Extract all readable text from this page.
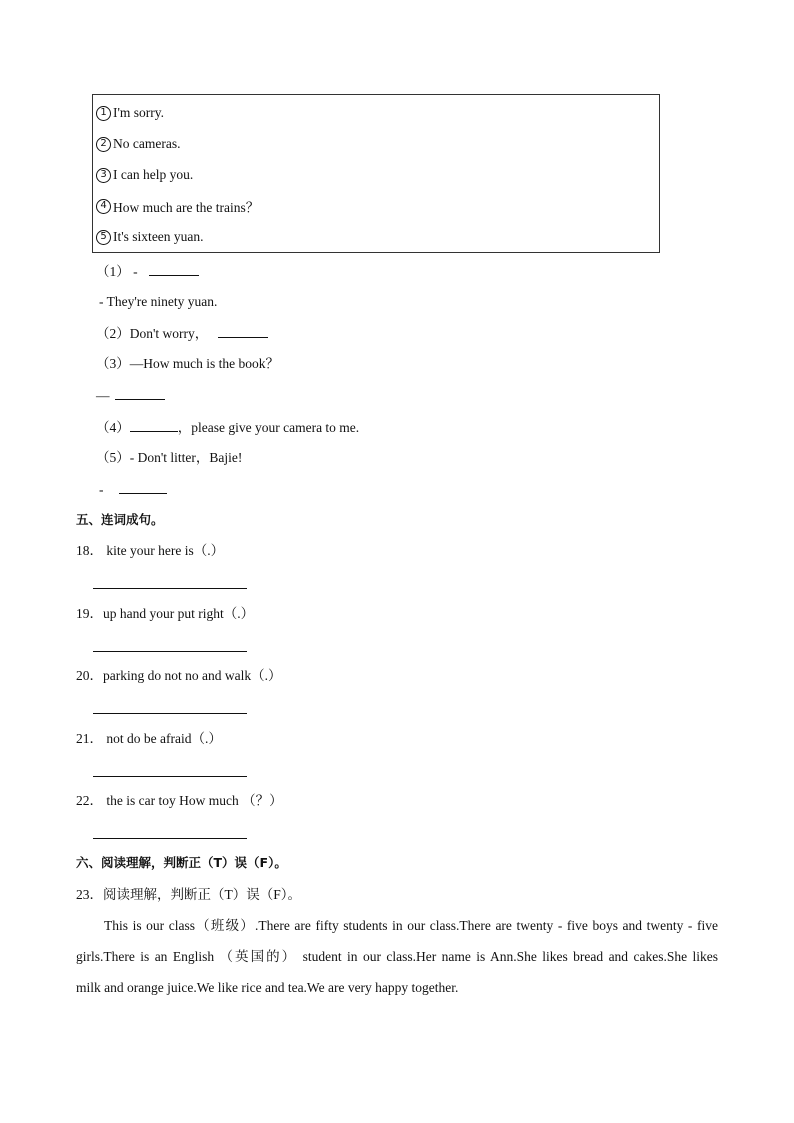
1 I'm sorry.
2 No cameras.
3 I can help you.
4 How much are the trains？
5 It's sixteen yuan.
（1） -
- They're ninety yuan.
（2）Don't worry，
（3）—How much is the book？
—
（4）	，please give your camera to me.
（5）- Don't litter，Bajie!
-
五、连词成句。
18． kite your here is（.）
19．up hand your put right（.）
20．parking do not no and walk（.）
21． not do be afraid（.）
22． the is car toy How much （？）
六、阅读理解，判断正（T）误（F）。
23．阅读理解，判断正（T）误（F）。
This is our class（班级）.There are fifty students in our class.There are twenty - five boys and twenty - five
girls.There is an English （英国的） student in our class.Her name is Ann.She likes bread and cakes.She likes
milk and orange juice.We like rice and tea.We are very happy together.
